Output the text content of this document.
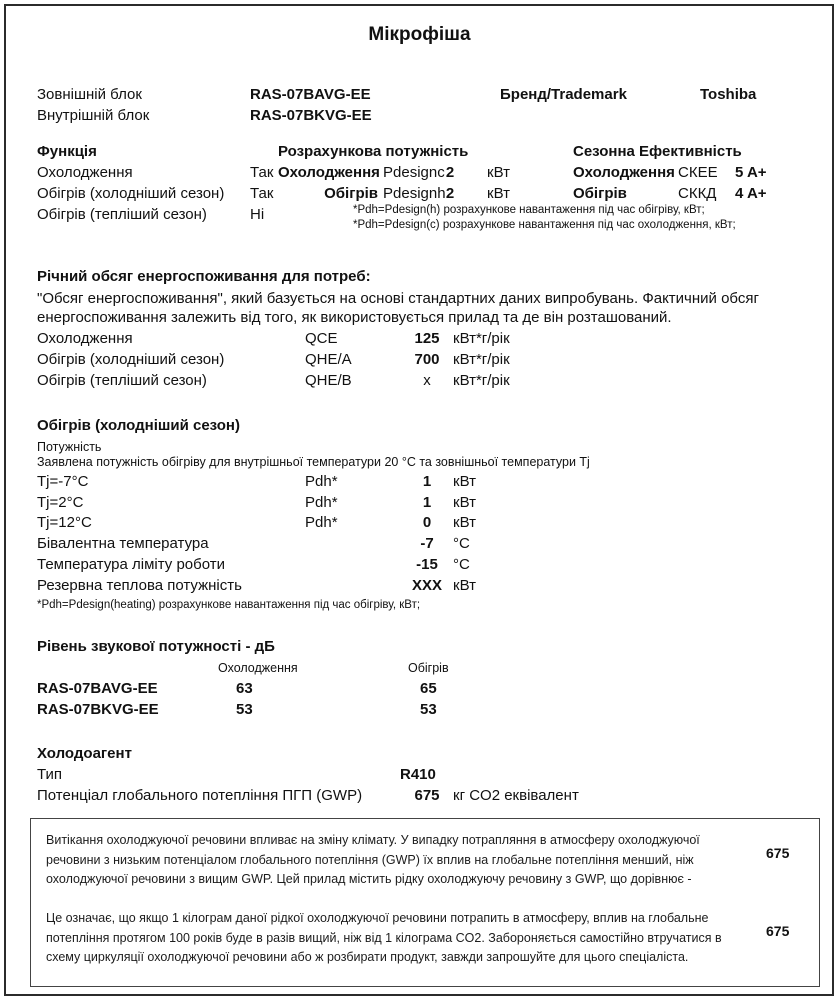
Мікрофіша
Зовнішній блок	RAS-07BAVG-EE	Бренд/Trademark	Toshiba
Внутрішній блок	RAS-07BKVG-EE
Функція	Розрахункова потужність	Сезонна Ефективність
Охолодження	Так Охолодження Pdesignc 2	кВт	Охолодження СКЕЕ 5 A+
Обігрів (холодніший сезон) Так	Обігрів Pdesignh 2	кВт	Обігрів	СККД 4 A+
Обігрів (тепліший сезон)	Ні	*Pdh=Pdesign(h) розрахункове навантаження під час обігріву, кВт;
*Pdh=Pdesign(c) розрахункове навантаження під час охолодження, кВт;
Річний обсяг енергоспоживання для потреб:
"Обсяг енергоспоживання", який базується на основі стандартних даних випробувань. Фактичний обсяг енергоспоживання залежить від того, як використовується прилад та де він розташований.
Охолодження	QCE	125 кВт*г/рік
Обігрів (холодніший сезон)	QHE/A	700 кВт*г/рік
Обігрів (тепліший сезон)	QHE/B	x	кВт*г/рік
Обігрів (холодніший сезон)
Потужність
Заявлена потужність обігріву для внутрішньої температури 20 °C та зовнішньої температури Tj
Tj=-7°C	Pdh*	1	кВт
Tj=2°C	Pdh*	1	кВт
Tj=12°C	Pdh*	0	кВт
Бівалентна температура	-7	°C
Температура ліміту роботи	-15	°C
Резервна теплова потужність	XXX кВт
*Pdh=Pdesign(heating) розрахункове навантаження під час обігріву, кВт;
Рівень звукової потужності - дБ
Охолодження	Обігрів
RAS-07BAVG-EE	63	65
RAS-07BKVG-EE	53	53
Холодоагент
Тип	R410
Потенціал глобального потепління ПГП (GWP)	675 кг CO2 еквівалент

Витікання охолоджуючої речовини впливає на зміну клімату. У випадку потрапляння в атмосферу охолоджуючої речовини з низьким потенціалом глобального потепління (GWP) їх вплив на глобальне потепління менший, ніж охолоджуючої речовини з вищим GWP. Цей прилад містить рідку охолоджуючу речовину з GWP, що дорівнює -

675

Це означає, що якщо 1 кілограм даної рідкої охолоджуючої речовини потрапить в атмосферу, вплив на глобальне потепління протягом 100 років буде в разів вищий, ніж від 1 кілограма CO2. Забороняється самостійно втручатися в схему циркуляції охолоджуючої речовини або ж розбирати продукт, завжди запрошуйте для цього спеціаліста.

675
